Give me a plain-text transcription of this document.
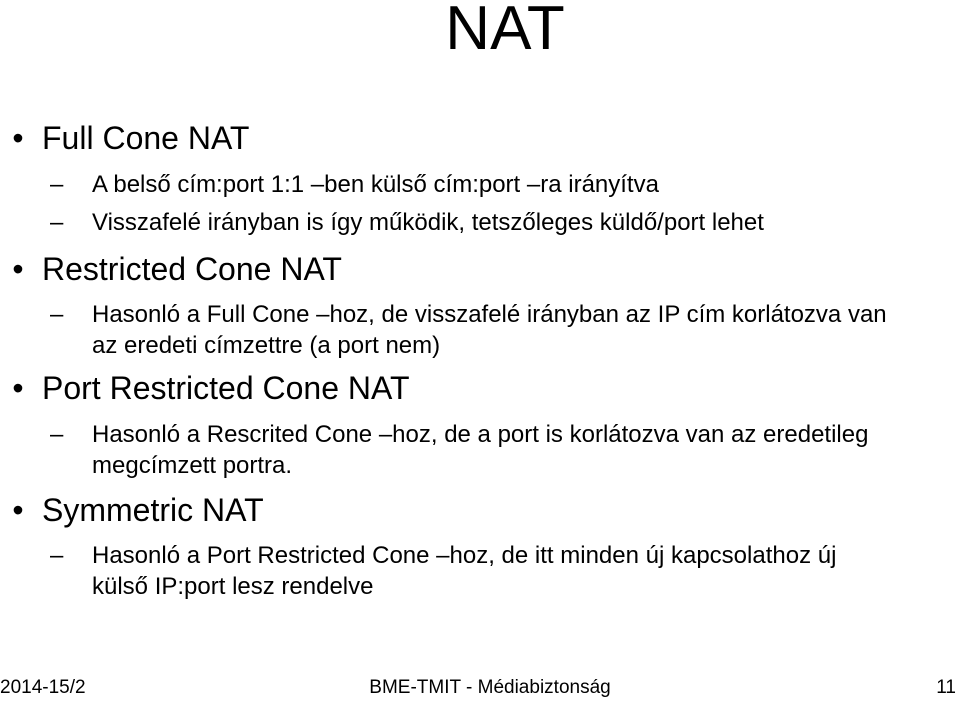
NAT
• Full Cone NAT
–	A belső cím:port 1:1 –ben külső cím:port –ra irányítva
–	Visszafelé irányban is így működik, tetszőleges küldő/port lehet
• Restricted Cone NAT
–	Hasonló a Full Cone –hoz, de visszafelé irányban az IP cím korlátozva van az eredeti címzettre (a port nem)
• Port Restricted Cone NAT
–	Hasonló a Rescrited Cone –hoz, de a port is korlátozva van az eredetileg megcímzett portra.
• Symmetric NAT
–	Hasonló a Port Restricted Cone –hoz, de itt minden új kapcsolathoz új külső IP:port lesz rendelve
2014-15/2	BME-TMIT - Médiabiztonság	11
